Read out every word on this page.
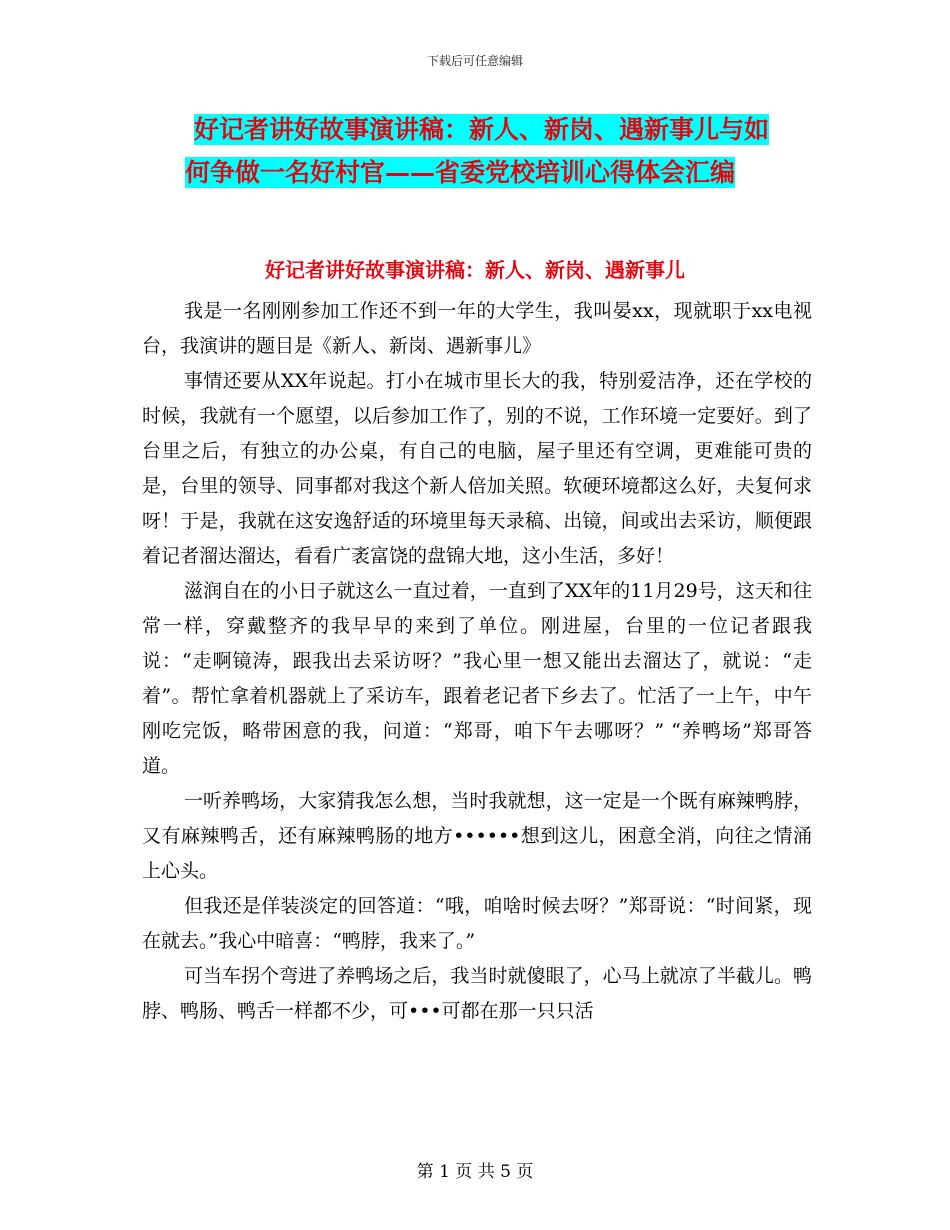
下载后可任意编辑
好记者讲好故事演讲稿：新人、新岗、遇新事儿与如
何争做一名好村官——省委党校培训心得体会汇编
好记者讲好故事演讲稿：新人、新岗、遇新事儿

我是一名刚刚参加工作还不到一年的大学生，我叫晏xx，现就职于xx电视台，我演讲的题目是《新人、新岗、遇新事儿》

事情还要从XX年说起。打小在城市里长大的我，特别爱洁净，还在学校的时候，我就有一个愿望，以后参加工作了，别的不说，工作环境一定要好。到了台里之后，有独立的办公桌，有自己的电脑，屋子里还有空调，更难能可贵的是，台里的领导、同事都对我这个新人倍加关照。软硬环境都这么好，夫复何求呀！于是，我就在这安逸舒适的环境里每天录稿、出镜，间或出去采访，顺便跟着记者溜达溜达，看看广袤富饶的盘锦大地，这小生活，多好！

滋润自在的小日子就这么一直过着，一直到了XX年的11月29号，这天和往常一样，穿戴整齐的我早早的来到了单位。刚进屋，台里的一位记者跟我说：“走啊镜涛，跟我出去采访呀？”我心里一想又能出去溜达了，就说：“走着”。帮忙拿着机器就上了采访车，跟着老记者下乡去了。忙活了一上午，中午刚吃完饭，略带困意的我，问道：“郑哥，咱下午去哪呀？” “养鸭场”郑哥答道。

一听养鸭场，大家猜我怎么想，当时我就想，这一定是一个既有麻辣鸭脖，又有麻辣鸭舌，还有麻辣鸭肠的地方••••••想到这儿，困意全消，向往之情涌上心头。

但我还是佯装淡定的回答道：“哦，咱啥时候去呀？”郑哥说：“时间紧，现在就去。”我心中暗喜：“鸭脖，我来了。”

可当车拐个弯进了养鸭场之后，我当时就傻眼了，心马上就凉了半截儿。鸭脖、鸭肠、鸭舌一样都不少，可•••可都在那一只只活

第 1 页 共 5 页
